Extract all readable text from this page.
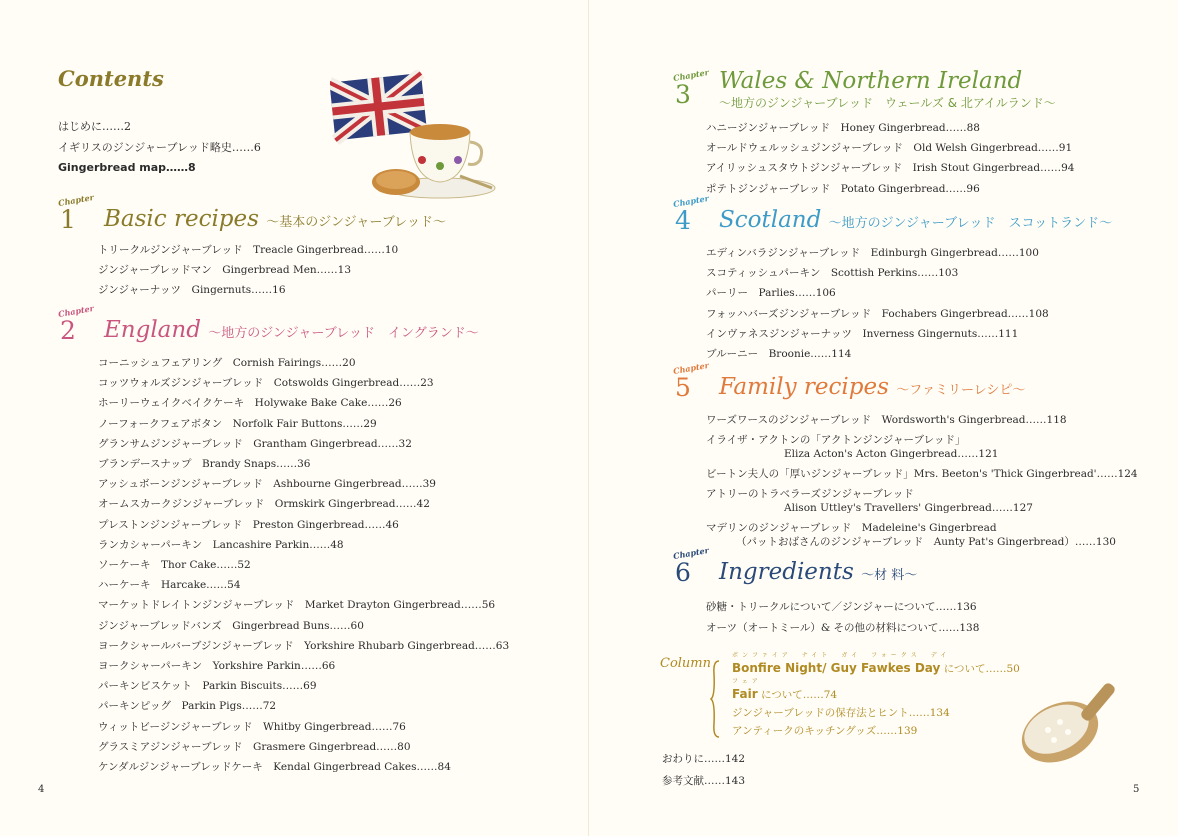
Contents
はじめに……2
イギリスのジンジャーブレッド略史……6
Gingerbread map……8
Chapter
1 Basic recipes 〜基本のジンジャーブレッド〜
トリークルジンジャーブレッド　Treacle Gingerbread……10
ジンジャーブレッドマン　Gingerbread Men……13
ジンジャーナッツ　Gingernuts……16
Chapter
2 England 〜地方のジンジャーブレッド　イングランド〜
コーニッシュフェアリング　Cornish Fairings……20
コッツウォルズジンジャーブレッド　Cotswolds Gingerbread……23
ホーリーウェイクベイクケーキ　Holywake Bake Cake……26
ノーフォークフェアボタン　Norfolk Fair Buttons……29
グランサムジンジャーブレッド　Grantham Gingerbread……32
ブランデースナップ　Brandy Snaps……36
アッシュボーンジンジャーブレッド　Ashbourne Gingerbread……39
オームスカークジンジャーブレッド　Ormskirk Gingerbread……42
プレストンジンジャーブレッド　Preston Gingerbread……46
ランカシャーパーキン　Lancashire Parkin……48
ソーケーキ　Thor Cake……52
ハーケーキ　Harcake……54
マーケットドレイトンジンジャーブレッド　Market Drayton Gingerbread……56
ジンジャーブレッドバンズ　Gingerbread Buns……60
ヨークシャールバーブジンジャーブレッド　Yorkshire Rhubarb Gingerbread……63
ヨークシャーパーキン　Yorkshire Parkin……66
パーキンビスケット　Parkin Biscuits……69
パーキンピッグ　Parkin Pigs……72
ウィットビージンジャーブレッド　Whitby Gingerbread……76
グラスミアジンジャーブレッド　Grasmere Gingerbread……80
ケンダルジンジャーブレッドケーキ　Kendal Gingerbread Cakes……84
4
Chapter
3 Wales & Northern Ireland
〜地方のジンジャーブレッド　ウェールズ & 北アイルランド〜
ハニージンジャーブレッド　Honey Gingerbread……88
オールドウェルッシュジンジャーブレッド　Old Welsh Gingerbread……91
アイリッシュスタウトジンジャーブレッド　Irish Stout Gingerbread……94
ポテトジンジャーブレッド　Potato Gingerbread……96
Chapter
4 Scotland 〜地方のジンジャーブレッド　スコットランド〜
エディンバラジンジャーブレッド　Edinburgh Gingerbread……100
スコティッシュパーキン　Scottish Perkins……103
パーリー　Parlies……106
フォッハバーズジンジャーブレッド　Fochabers Gingerbread……108
インヴァネスジンジャーナッツ　Inverness Gingernuts……111
ブルーニー　Broonie……114
Chapter
5 Family recipes 〜ファミリーレシピ〜
ワーズワースのジンジャーブレッド　Wordsworth's Gingerbread……118
イライザ・アクトンの「アクトンジンジャーブレッド」
Eliza Acton's Acton Gingerbread……121
ビートン夫人の「厚いジンジャーブレッド」Mrs. Beeton's 'Thick Gingerbread'……124
アトリーのトラベラーズジンジャーブレッド
Alison Uttley's Travellers' Gingerbread……127
マデリンのジンジャーブレッド　Madeleine's Gingerbread
（パットおばさんのジンジャーブレッド　Aunty Pat's Gingerbread）……130
Chapter
6 Ingredients 〜材 料〜
砂糖・トリークルについて／ジンジャーについて……136
オーツ（オートミール）& その他の材料について……138
5
Column
ボンファイア　ナイト　ガイ　フォークス　デイ
Bonfire Night/ Guy Fawkes Day について……50
フェア
Fair について……74
ジンジャーブレッドの保存法とヒント……134
アンティークのキッチングッズ……139
おわりに……142
参考文献……143
